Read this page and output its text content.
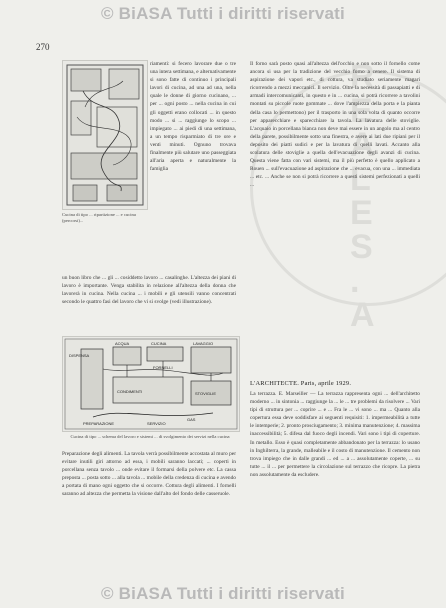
R E A L E S . A
© BiASA Tutti i diritti riservati
270
Cucina di tipo ... ripartizione ... e cucina (percorsi)...
riamenti: si fecero lavorare due o tre una intera settimana, e alternativamente si sono fatte di continuo i principali lavori di cucina, ad una ad una, nella quale le donne di giorno cucinano, ... per ... ogni posto ... nella cucina in cui gli oggetti erano collocati ... in questo modo ... si ... raggiunge lo scopo ... impiegato ... ai piedi di una settimana, a un tempo risparmiato di tre ore e venti minuti. Ognuno trovava finalmente più salutare uno passeggiata all'aria aperta e naturalmente la famiglia
un buon libro che ... gli ... cosiddetto lavoro ... casalinghe. L'altezza dei piani di lavoro è importante. Venga stabilita in relazione all'altezza della donna che lavorerà in cucina. Nella cucina ... i mobili e gli utensili vanno concentrati secondo le quattro fasi del lavoro che vi si svolge (vedi illustrazione).
DISPENSA
ACQUA	CUCINA	LAVAGGIO
CONDIMENTI	STOVIGLIE
FORNELLI
GAS
PREPARAZIONE	SERVIZIO
Cucina di tipo ... schema del lavoro e sistemi ... di svolgimento dei servizi nella cucina
Preparazione degli alimenti. La tavola verrà possibilmente accostata al muro per evitare inutili giri attorno ad essa, i mobili saranno laccati; ... coperti in porcellana senza tavolo ... onde evitare il formarsi della polvere etc. La cassa preposta ... posta sotto ... alla tavola ... mobile della credenza di cucina e avendo a portata di mano ogni oggetto che si occorre. Cottura degli alimenti. I fornelli saranno ad altezza che permetta la visione dall'alto del fondo delle casseruole.
Il forno sarà posto quasi all'altezza dell'occhio e non sotto il fornello come ancora si usa per la tradizione del vecchio forno a cenere. Il sistema di aspirazione dei vapori etc., di cottura, va studiato seriamente magari ricorrendo a mezzi meccanici. Il servizio. Oltre la necessità di passapiatti e di armadi intercomunicanti, in questo e in ... cucina, si potrà ricorrere a tavolini montati su piccole ruote gommate ... dove l'ampiezza della porta e la pianta della casa lo permettono) per il trasporto in una sola volta di quanto occorre per apparecchiare e sparecchiare la tavola. La lavatura delle stoviglie. L'acquaio in porcellana bianca non deve mai essere in un angolo ma al centro della parete, possibilmente sotto una finestra, e avere ai lati due ripiani per il deposito dei piatti sudici e per la lavatura di quelli lavati. Accanto alla scolatura delle stoviglie a quella dell'evacuazione degli avanzi di cucina. Questa viene fatta con vari sistemi, ma il più perfetto è quello applicato a Rouen ... sull'evacuazione ad aspirazione che ... evacua, con una ... immediata ... etc. ... Anche se non si potrà ricorrere a questi sistemi perfezionati a quelli ...
L'ARCHITECTE. Paris, aprile 1929.
La terrazza. E. Marseiller — La terrazza rappresenta ogni ... dell'architetto moderno ... in sintonia ... raggiunge la ... le ... tre problemi da risolvere ... Vari tipi di struttura per ... coprire ... e ... Fra le ... vi sono ... ma ... Quanto alla copertura essa deve soddisfare ai seguenti requisiti: 1. impermeabilità a tutte le intemperie; 2. pronto prosciugamento; 3. minima manutenzione; 4. massima inaccessibilità; 5. difesa dal fuoco degli incendi. Vari sono i tipi di coperture. In metallo. Esso è quasi completamente abbandonato per la terrazza: lo usano in Inghilterra, la grande, malleabile e il costo di manutenzione. Il cemento non trova impiego che in dalle grandi ... ed ... a ... assolutamente coperte, ... su tutte ... il ... per permettere la circolazione sul terrazzo che ricopre. La pietra non assolutamente da escludere.
© BiASA Tutti i diritti riservati
